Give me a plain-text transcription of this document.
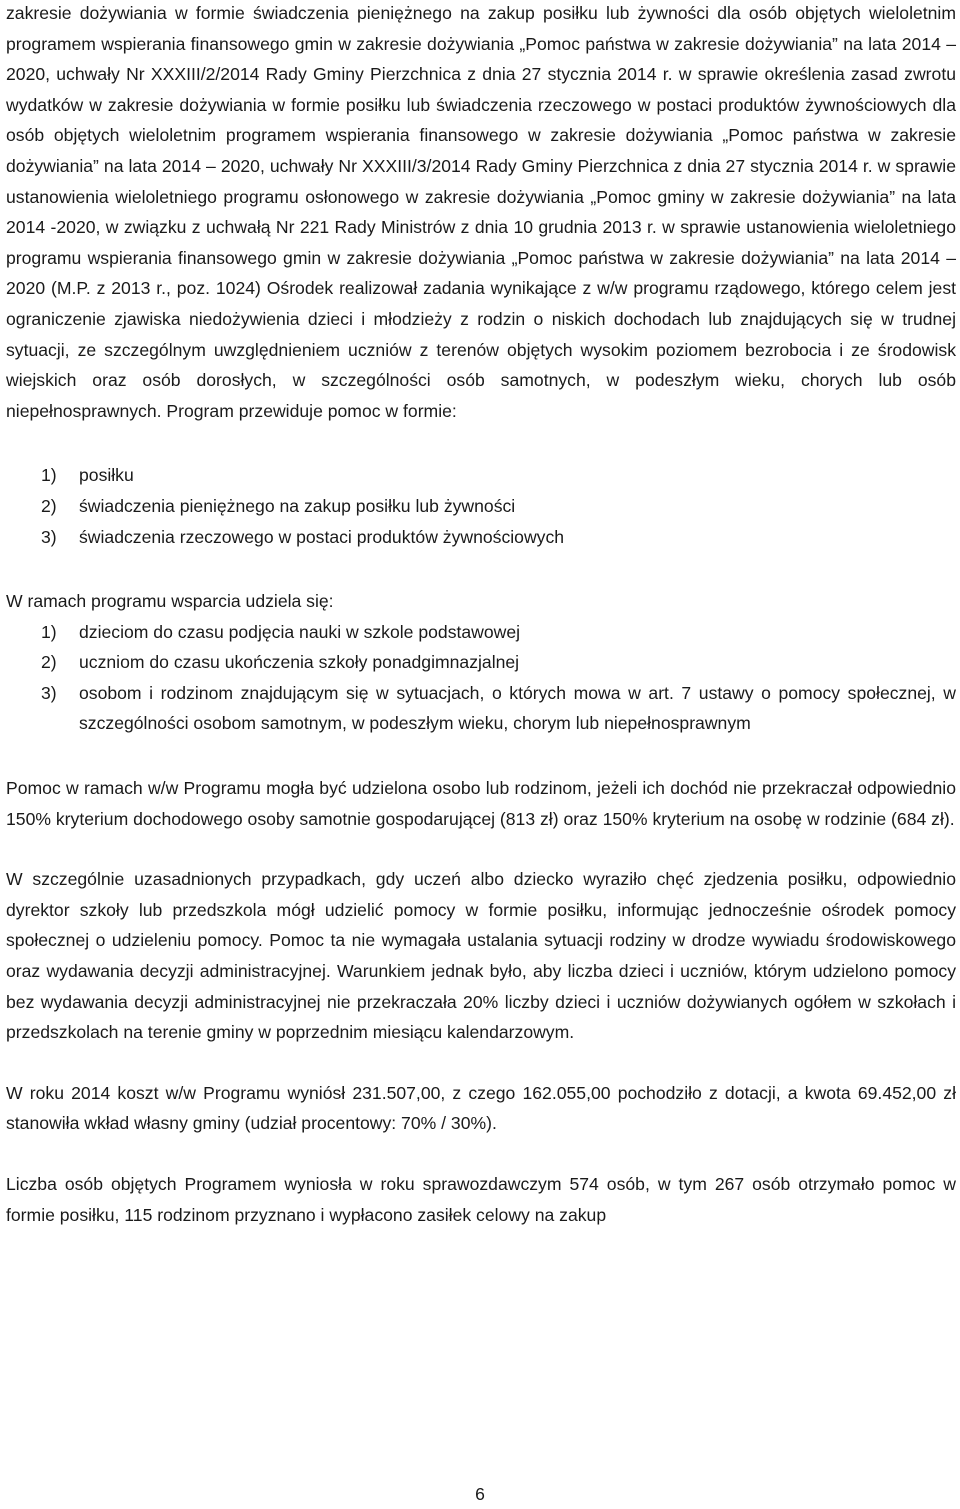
zakresie dożywiania w formie świadczenia pieniężnego na zakup posiłku lub żywności dla osób objętych wieloletnim programem wspierania finansowego gmin w zakresie dożywiania „Pomoc państwa w zakresie dożywiania” na lata 2014 – 2020, uchwały Nr XXXIII/2/2014 Rady Gminy Pierzchnica z dnia 27 stycznia 2014 r. w sprawie określenia zasad zwrotu wydatków w zakresie dożywiania w formie posiłku lub świadczenia rzeczowego w postaci produktów żywnościowych dla osób objętych wieloletnim programem wspierania finansowego w zakresie dożywiania „Pomoc państwa w zakresie dożywiania” na lata 2014 – 2020, uchwały Nr XXXIII/3/2014 Rady Gminy Pierzchnica z dnia 27 stycznia 2014 r. w sprawie ustanowienia wieloletniego programu osłonowego w zakresie dożywiania „Pomoc gminy w zakresie dożywiania” na lata 2014 -2020, w związku z uchwałą Nr 221 Rady Ministrów z dnia 10 grudnia 2013 r. w sprawie ustanowienia wieloletniego programu wspierania finansowego gmin w zakresie dożywiania „Pomoc państwa w zakresie dożywiania” na lata 2014 – 2020 (M.P. z 2013 r., poz. 1024) Ośrodek realizował zadania wynikające z w/w programu rządowego, którego celem jest ograniczenie zjawiska niedożywienia dzieci i młodzieży z rodzin o niskich dochodach lub znajdujących się w trudnej sytuacji, ze szczególnym uwzględnieniem uczniów z terenów objętych wysokim poziomem bezrobocia i ze środowisk wiejskich oraz osób dorosłych, w szczególności osób samotnych, w podeszłym wieku, chorych lub osób niepełnosprawnych. Program przewiduje pomoc w formie:

1) posiłku
2) świadczenia pieniężnego na zakup posiłku lub żywności
3) świadczenia rzeczowego w postaci produktów żywnościowych

W ramach programu wsparcia udziela się:

1) dzieciom do czasu podjęcia nauki w szkole podstawowej
2) uczniom do czasu ukończenia szkoły ponadgimnazjalnej
3) osobom i rodzinom znajdującym się w sytuacjach, o których mowa w art. 7 ustawy o pomocy społecznej, w szczególności osobom samotnym, w podeszłym wieku, chorym lub niepełnosprawnym

Pomoc w ramach w/w Programu mogła być udzielona osobo lub rodzinom, jeżeli ich dochód nie przekraczał odpowiednio 150% kryterium dochodowego osoby samotnie gospodarującej (813 zł) oraz 150% kryterium na osobę w rodzinie (684 zł).

W szczególnie uzasadnionych przypadkach, gdy uczeń albo dziecko wyraziło chęć zjedzenia posiłku, odpowiednio dyrektor szkoły lub przedszkola mógł udzielić pomocy w formie posiłku, informując jednocześnie ośrodek pomocy społecznej o udzieleniu pomocy. Pomoc ta nie wymagała ustalania sytuacji rodziny w drodze wywiadu środowiskowego oraz wydawania decyzji administracyjnej. Warunkiem jednak było, aby liczba dzieci i uczniów, którym udzielono pomocy bez wydawania decyzji administracyjnej nie przekraczała 20% liczby dzieci i uczniów dożywianych ogółem w szkołach i przedszkolach na terenie gminy w poprzednim miesiącu kalendarzowym.

W roku 2014 koszt w/w Programu wyniósł 231.507,00, z czego 162.055,00 pochodziło z dotacji, a kwota 69.452,00 zł stanowiła wkład własny gminy (udział procentowy: 70% / 30%).

Liczba osób objętych Programem wyniosła w roku sprawozdawczym 574 osób, w tym 267 osób otrzymało pomoc w formie posiłku, 115 rodzinom przyznano i wypłacono zasiłek celowy na zakup

6
